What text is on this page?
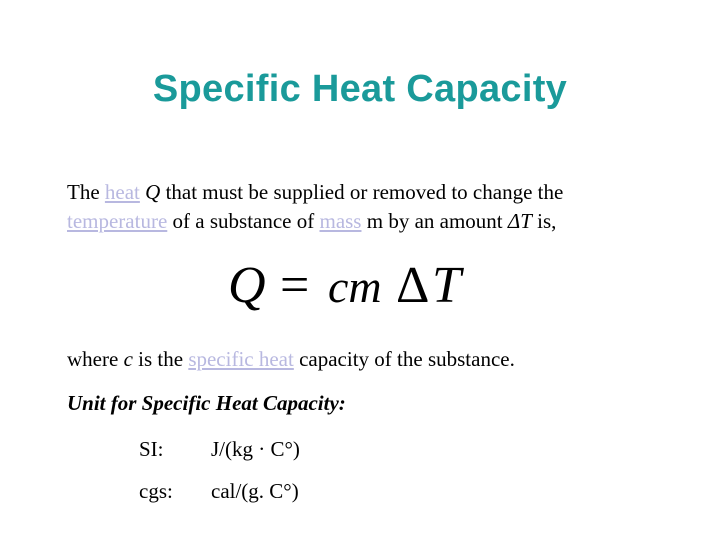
Specific Heat Capacity
The heat Q that must be supplied or removed to change the
temperature of a substance of mass m by an amount ΔT is,
Q = cm Δ T
where c is the specific heat capacity of the substance.
Unit for Specific Heat Capacity:
SI: J/(kg · C°)
cgs: cal/(g. C°)
